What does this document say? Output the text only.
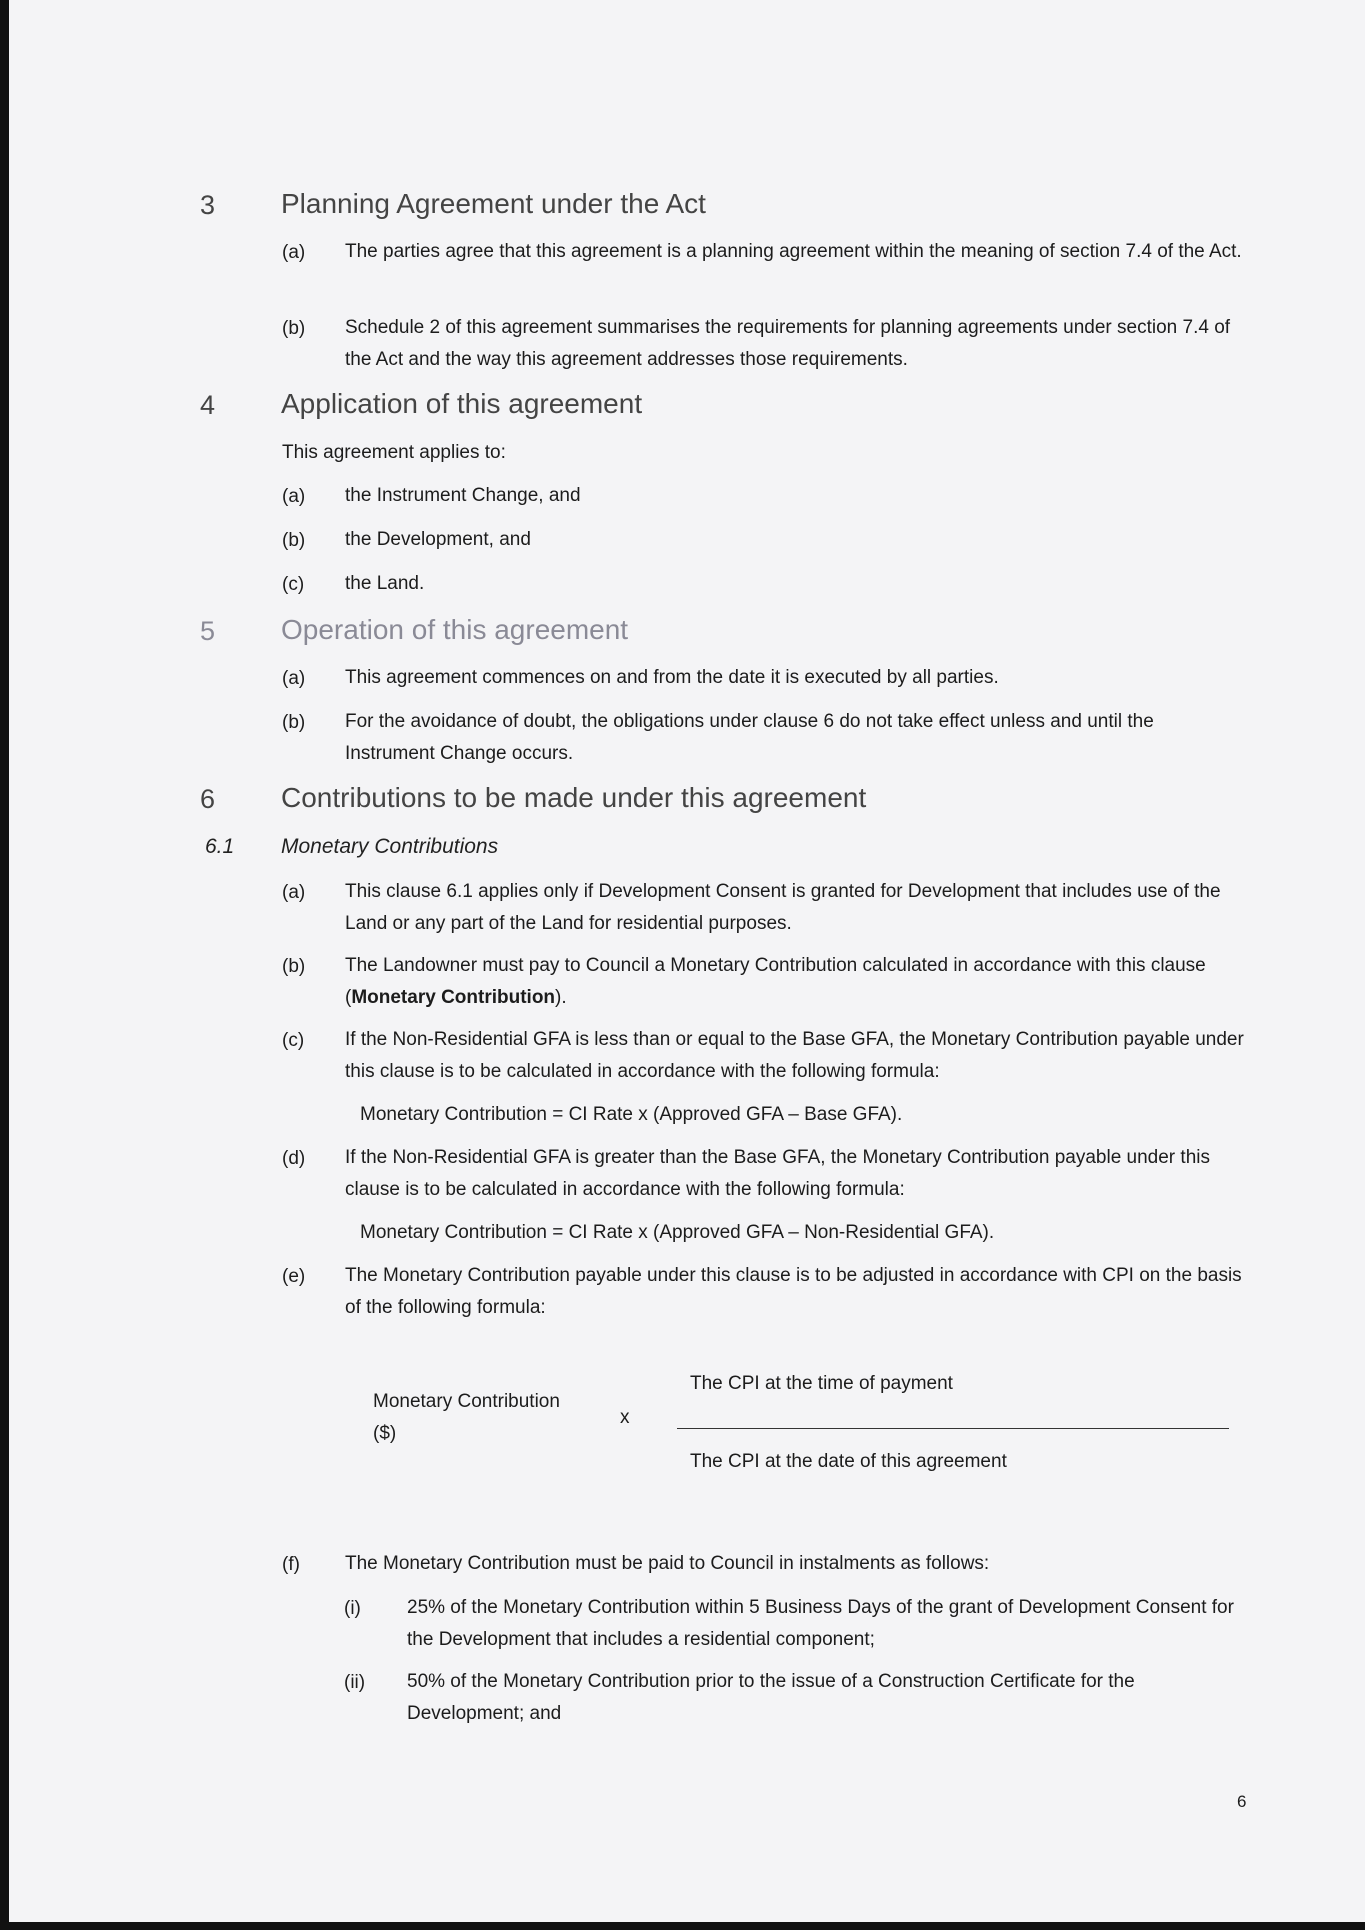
3 Planning Agreement under the Act
(a) The parties agree that this agreement is a planning agreement within the meaning of section 7.4 of the Act.
(b) Schedule 2 of this agreement summarises the requirements for planning agreements under section 7.4 of the Act and the way this agreement addresses those requirements.
4 Application of this agreement
This agreement applies to:
(a) the Instrument Change, and
(b) the Development, and
(c) the Land.
5 Operation of this agreement
(a) This agreement commences on and from the date it is executed by all parties.
(b) For the avoidance of doubt, the obligations under clause 6 do not take effect unless and until the Instrument Change occurs.
6 Contributions to be made under this agreement
6.1 Monetary Contributions
(a) This clause 6.1 applies only if Development Consent is granted for Development that includes use of the Land or any part of the Land for residential purposes.
(b) The Landowner must pay to Council a Monetary Contribution calculated in accordance with this clause (Monetary Contribution).
(c) If the Non-Residential GFA is less than or equal to the Base GFA, the Monetary Contribution payable under this clause is to be calculated in accordance with the following formula:
Monetary Contribution = CI Rate x (Approved GFA – Base GFA).
(d) If the Non-Residential GFA is greater than the Base GFA, the Monetary Contribution payable under this clause is to be calculated in accordance with the following formula:
Monetary Contribution = CI Rate x (Approved GFA – Non-Residential GFA).
(e) The Monetary Contribution payable under this clause is to be adjusted in accordance with CPI on the basis of the following formula:
Monetary Contribution
($)
x
The CPI at the time of payment
The CPI at the date of this agreement
(f) The Monetary Contribution must be paid to Council in instalments as follows:
(i) 25% of the Monetary Contribution within 5 Business Days of the grant of Development Consent for the Development that includes a residential component;
(ii) 50% of the Monetary Contribution prior to the issue of a Construction Certificate for the Development; and
6
